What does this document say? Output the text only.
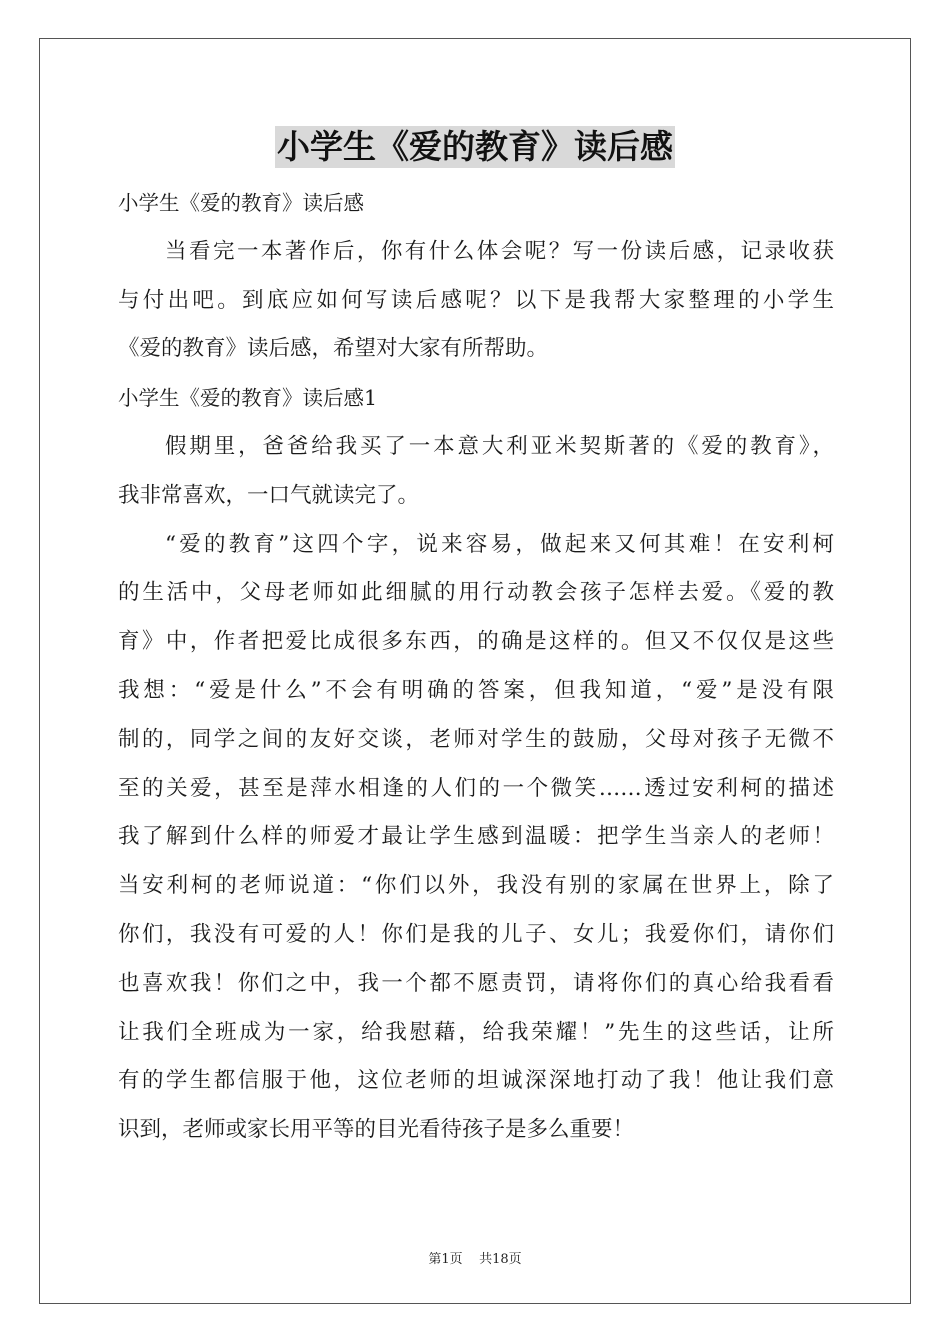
小学生《爱的教育》读后感
小学生《爱的教育》读后感
当看完一本著作后，你有什么体会呢？写一份读后感，记录收获
与付出吧。到底应如何写读后感呢？以下是我帮大家整理的小学生
《爱的教育》读后感，希望对大家有所帮助。
小学生《爱的教育》读后感1
假期里，爸爸给我买了一本意大利亚米契斯著的《爱的教育》，
我非常喜欢，一口气就读完了。
“爱的教育”这四个字，说来容易，做起来又何其难！在安利柯
的生活中，父母老师如此细腻的用行动教会孩子怎样去爱。《爱的教
育》中，作者把爱比成很多东西，的确是这样的。但又不仅仅是这些
我想：“爱是什么”不会有明确的答案，但我知道，“爱”是没有限
制的，同学之间的友好交谈，老师对学生的鼓励，父母对孩子无微不
至的关爱，甚至是萍水相逢的人们的一个微笑……透过安利柯的描述
我了解到什么样的师爱才最让学生感到温暖：把学生当亲人的老师！
当安利柯的老师说道：“你们以外，我没有别的家属在世界上，除了
你们，我没有可爱的人！你们是我的儿子、女儿；我爱你们，请你们
也喜欢我！你们之中，我一个都不愿责罚，请将你们的真心给我看看
让我们全班成为一家，给我慰藉，给我荣耀！”先生的这些话，让所
有的学生都信服于他，这位老师的坦诚深深地打动了我！他让我们意
识到，老师或家长用平等的目光看待孩子是多么重要！
第1页    共18页
